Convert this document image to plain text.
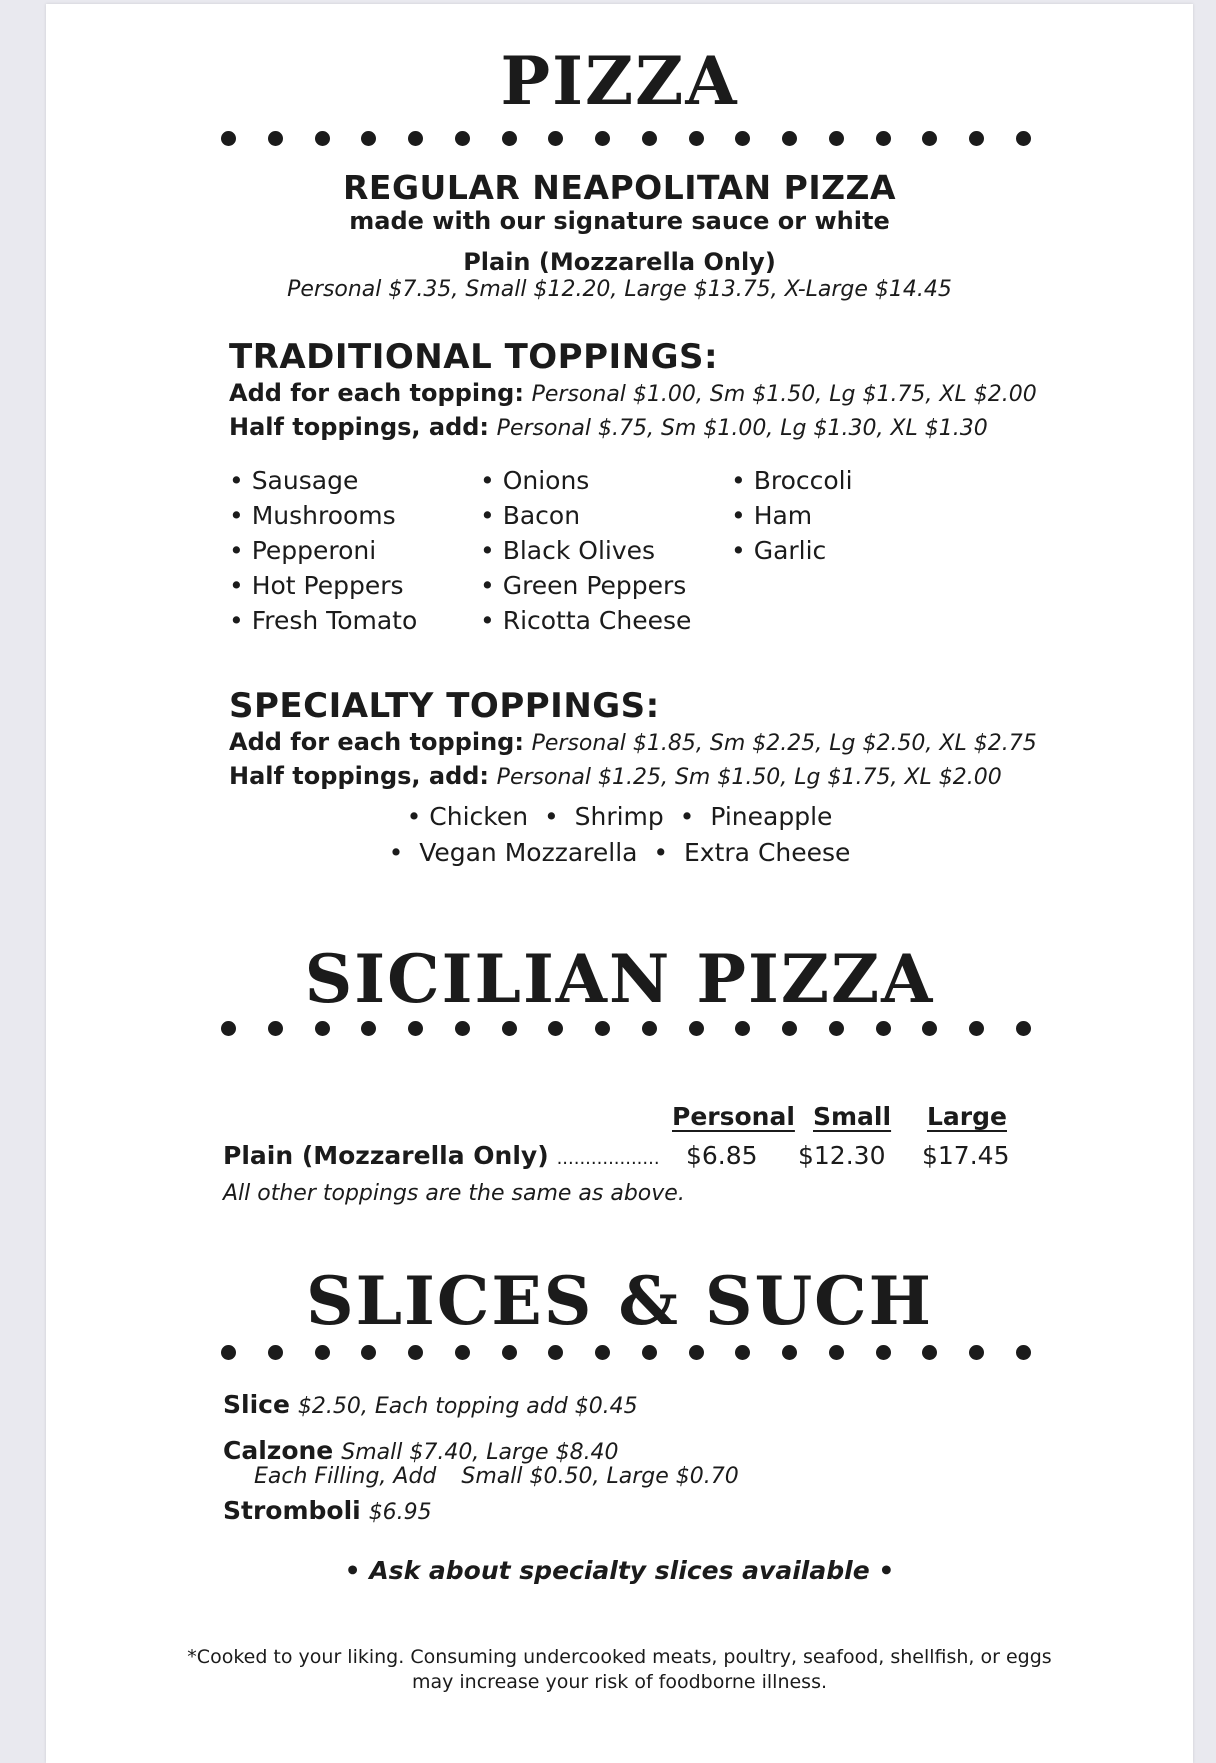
PIZZA
REGULAR NEAPOLITAN PIZZA
made with our signature sauce or white
Plain (Mozzarella Only)
Personal $7.35, Small $12.20, Large $13.75, X-Large $14.45
TRADITIONAL TOPPINGS:
Add for each topping: Personal $1.00, Sm $1.50, Lg $1.75, XL $2.00
Half toppings, add: Personal $.75, Sm $1.00, Lg $1.30, XL $1.30
• Sausage
• Mushrooms
• Pepperoni
• Hot Peppers
• Fresh Tomato
• Onions
• Bacon
• Black Olives
• Green Peppers
• Ricotta Cheese
• Broccoli
• Ham
• Garlic
SPECIALTY TOPPINGS:
Add for each topping: Personal $1.85, Sm $2.25, Lg $2.50, XL $2.75
Half toppings, add: Personal $1.25, Sm $1.50, Lg $1.75, XL $2.00
• Chicken  •  Shrimp  •  Pineapple
•  Vegan Mozzarella  •  Extra Cheese
SICILIAN PIZZA
Personal Small Large
Plain (Mozzarella Only) .................. $6.85 $12.30 $17.45
All other toppings are the same as above.
SLICES & SUCH
Slice $2.50, Each topping add $0.45
Calzone Small $7.40, Large $8.40
Each Filling, Add Small $0.50, Large $0.70
Stromboli $6.95
• Ask about specialty slices available •
*Cooked to your liking. Consuming undercooked meats, poultry, seafood, shellfish, or eggs
may increase your risk of foodborne illness.
